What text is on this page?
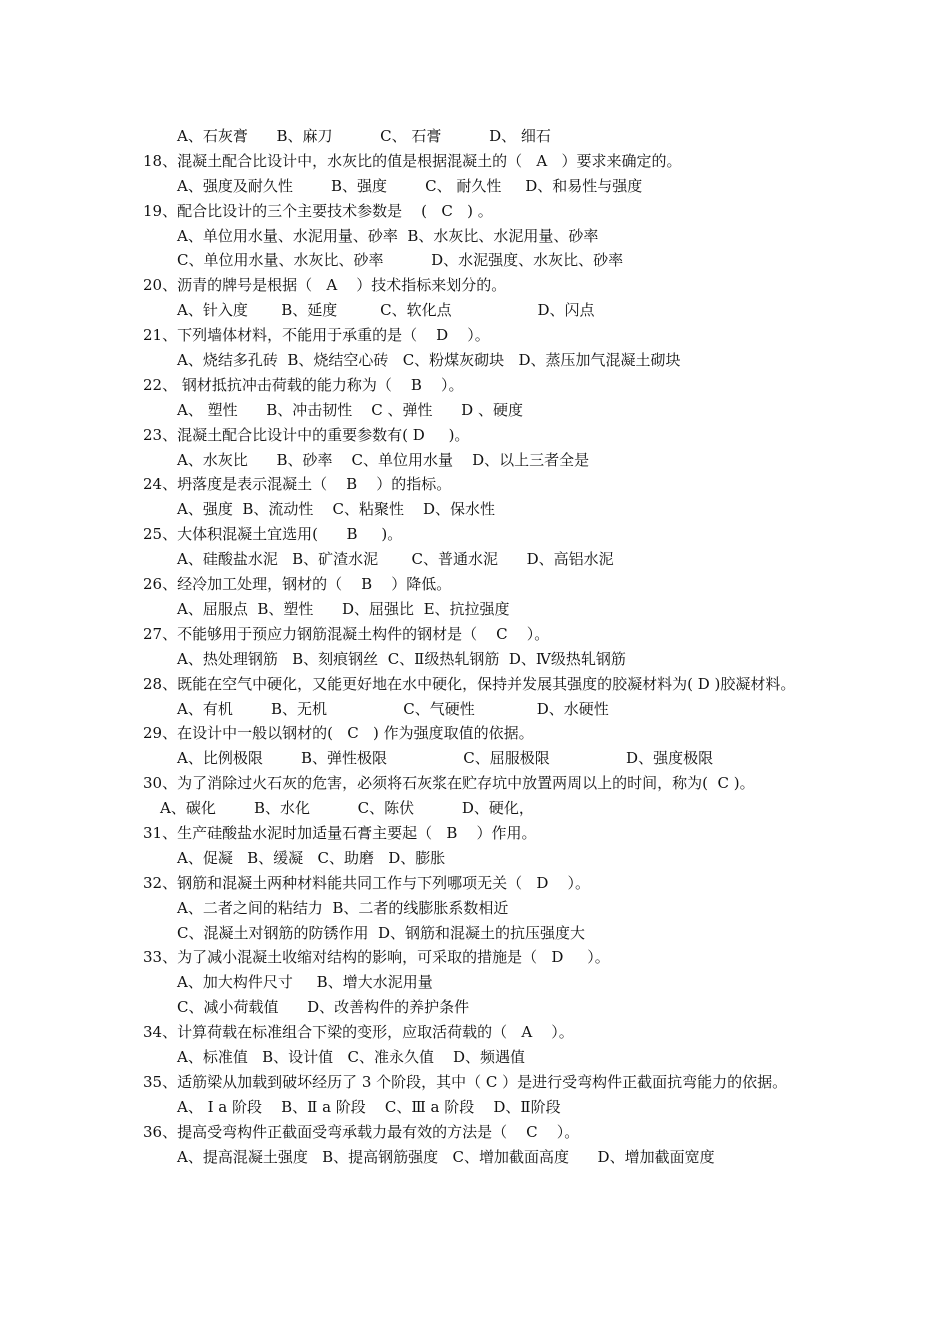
A、石灰膏      B、麻刀          C、 石膏          D、 细石
18、混凝土配合比设计中，水灰比的值是根据混凝土的（   A   ）要求来确定的。
A、强度及耐久性        B、强度        C、 耐久性     D、和易性与强度
19、配合比设计的三个主要技术参数是    (   C   ) 。
A、单位用水量、水泥用量、砂率  B、水灰比、水泥用量、砂率
C、单位用水量、水灰比、砂率          D、水泥强度、水灰比、砂率
20、沥青的牌号是根据（   A    ）技术指标来划分的。
A、针入度       B、延度         C、软化点                  D、闪点
21、下列墙体材料，不能用于承重的是（    D    ）。
A、烧结多孔砖  B、烧结空心砖   C、粉煤灰砌块   D、蒸压加气混凝土砌块
22、 钢材抵抗冲击荷载的能力称为（    B    ）。
A、 塑性      B、冲击韧性    C 、弹性      D 、硬度
23、混凝土配合比设计中的重要参数有( D     )。
A、水灰比      B、砂率    C、单位用水量    D、以上三者全是
24、坍落度是表示混凝土（    B    ）的指标。
A、强度  B、流动性    C、粘聚性    D、保水性
25、大体积混凝土宜选用(      B     )。
A、硅酸盐水泥   B、矿渣水泥       C、普通水泥      D、高铝水泥
26、经冷加工处理，钢材的（    B    ）降低。
A、屈服点  B、塑性      D、屈强比  E、抗拉强度
27、不能够用于预应力钢筋混凝土构件的钢材是（    C    ）。
A、热处理钢筋   B、刻痕钢丝  C、Ⅱ级热轧钢筋  D、Ⅳ级热轧钢筋
28、既能在空气中硬化，又能更好地在水中硬化，保持并发展其强度的胶凝材料为( D )胶凝材料。
A、有机        B、无机                C、气硬性             D、水硬性
29、在设计中一般以钢材的(   C   ) 作为强度取值的依据。
A、比例极限        B、弹性极限                C、屈服极限                D、强度极限
30、为了消除过火石灰的危害，必须将石灰浆在贮存坑中放置两周以上的时间，称为(  C )。
A、碳化        B、水化          C、陈伏          D、硬化，
31、生产硅酸盐水泥时加适量石膏主要起（   B    ）作用。
A、促凝   B、缓凝   C、助磨   D、膨胀
32、钢筋和混凝土两种材料能共同工作与下列哪项无关（   D    ）。
A、二者之间的粘结力  B、二者的线膨胀系数相近
C、混凝土对钢筋的防锈作用  D、钢筋和混凝土的抗压强度大
33、为了减小混凝土收缩对结构的影响，可采取的措施是（   D     ）。
A、加大构件尺寸     B、增大水泥用量
C、减小荷载值      D、改善构件的养护条件
34、计算荷载在标准组合下梁的变形，应取活荷载的（   A    ）。
A、标准值   B、设计值   C、准永久值    D、频遇值
35、适筋梁从加载到破坏经历了 3 个阶段，其中（ C ）是进行受弯构件正截面抗弯能力的依据。
A、 Ⅰ a 阶段    B、Ⅱ a 阶段    C、Ⅲ a 阶段    D、Ⅱ阶段
36、提高受弯构件正截面受弯承载力最有效的方法是（    C    ）。
A、提高混凝土强度   B、提高钢筋强度   C、增加截面高度      D、增加截面宽度
